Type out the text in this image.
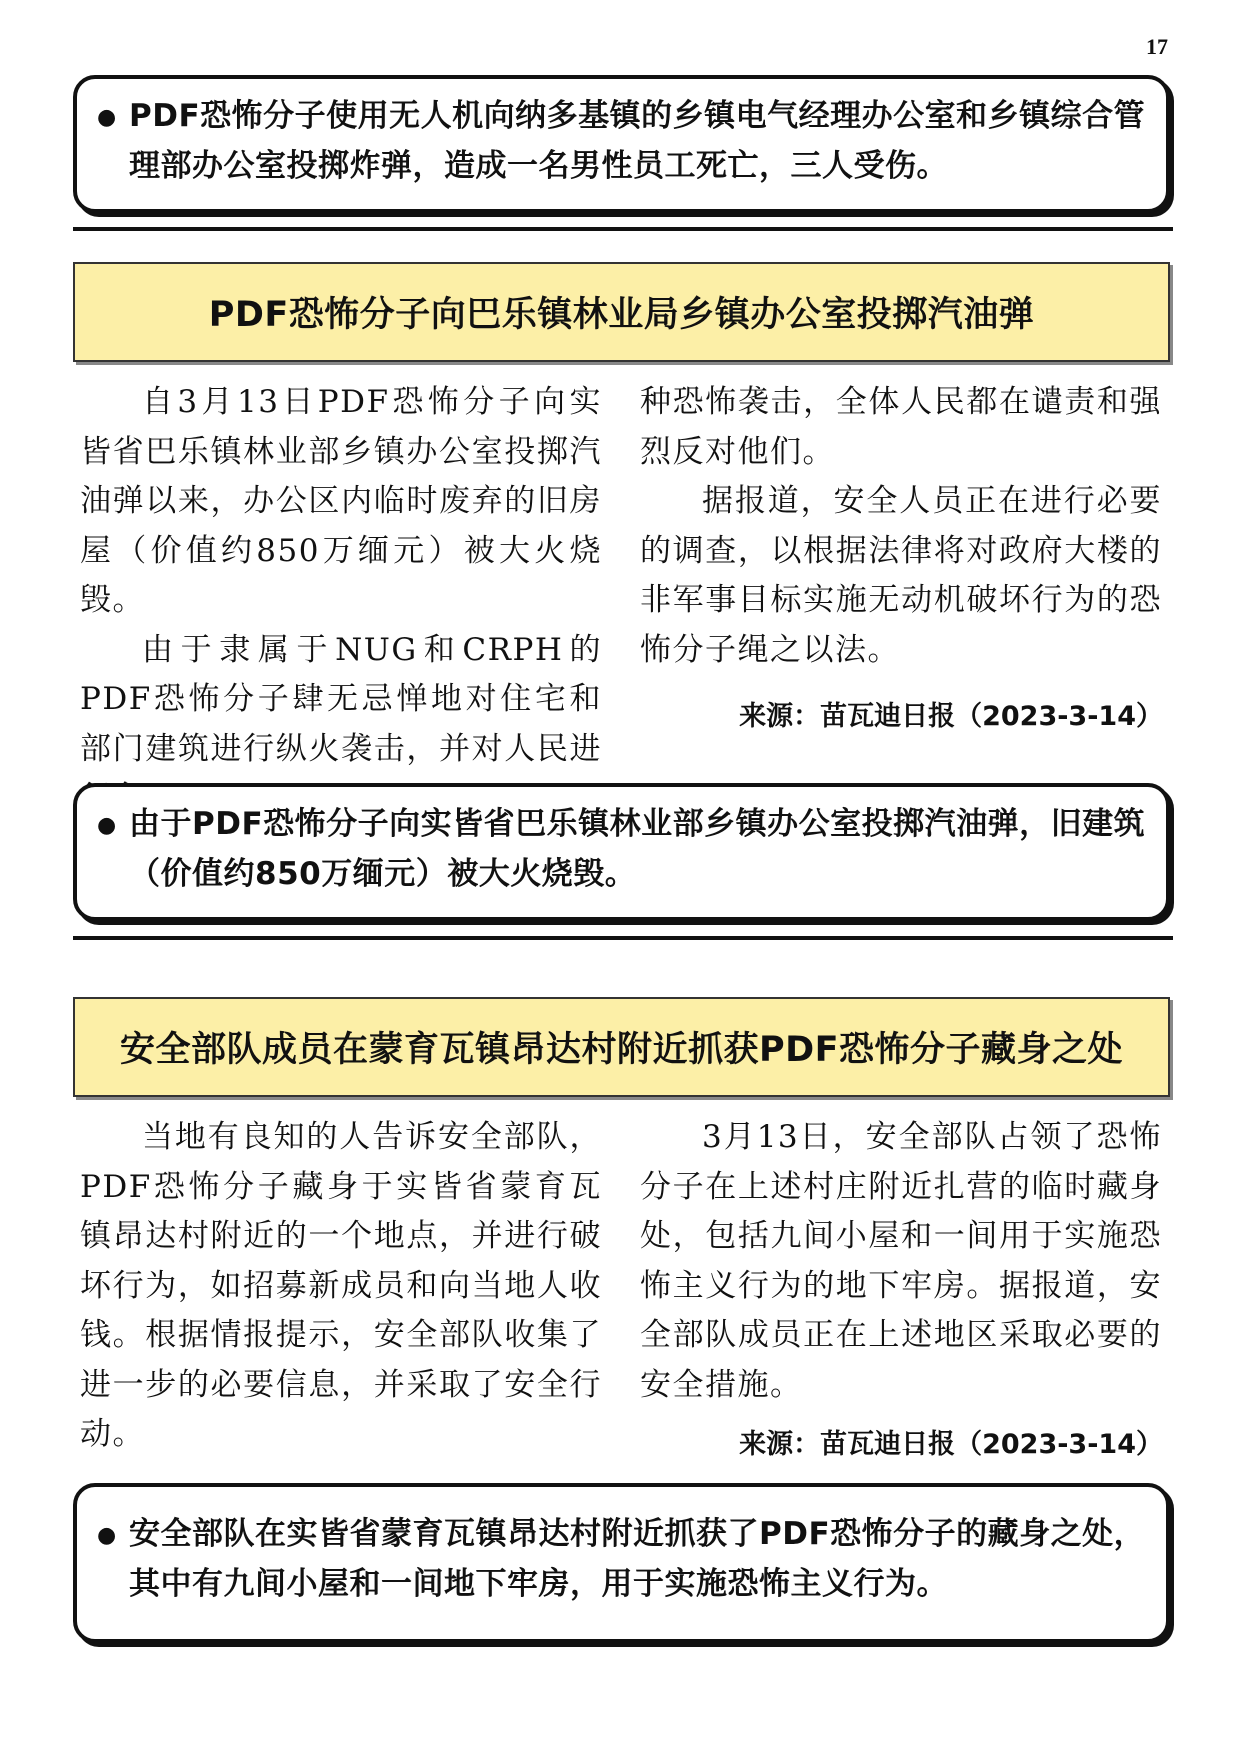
17
● PDF恐怖分子使用无人机向纳多基镇的乡镇电气经理办公室和乡镇综合管理部办公室投掷炸弹，造成一名男性员工死亡，三人受伤。
PDF恐怖分子向巴乐镇林业局乡镇办公室投掷汽油弹

自3月13日PDF恐怖分子向实皆省巴乐镇林业部乡镇办公室投掷汽油弹以来，办公区内临时废弃的旧房屋（价值约850万缅元）被大火烧毁。

由于隶属于NUG和CRPH的PDF恐怖分子肆无忌惮地对住宅和部门建筑进行纵火袭击，并对人民进

种恐怖袭击，全体人民都在谴责和强烈反对他们。

据报道，安全人员正在进行必要的调查，以根据法律将对政府大楼的非军事目标实施无动机破坏行为的恐怖分子绳之以法。

来源：苗瓦迪日报（2023-3-14）
● 由于PDF恐怖分子向实皆省巴乐镇林业部乡镇办公室投掷汽油弹，旧建筑（价值约850万缅元）被大火烧毁。
安全部队成员在蒙育瓦镇昂达村附近抓获PDF恐怖分子藏身之处

当地有良知的人告诉安全部队，PDF恐怖分子藏身于实皆省蒙育瓦镇昂达村附近的一个地点，并进行破坏行为，如招募新成员和向当地人收钱。根据情报提示，安全部队收集了进一步的必要信息，并采取了安全行动。

3月13日，安全部队占领了恐怖分子在上述村庄附近扎营的临时藏身处，包括九间小屋和一间用于实施恐怖主义行为的地下牢房。据报道，安全部队成员正在上述地区采取必要的安全措施。

来源：苗瓦迪日报（2023-3-14）
● 安全部队在实皆省蒙育瓦镇昂达村附近抓获了PDF恐怖分子的藏身之处，其中有九间小屋和一间地下牢房，用于实施恐怖主义行为。
